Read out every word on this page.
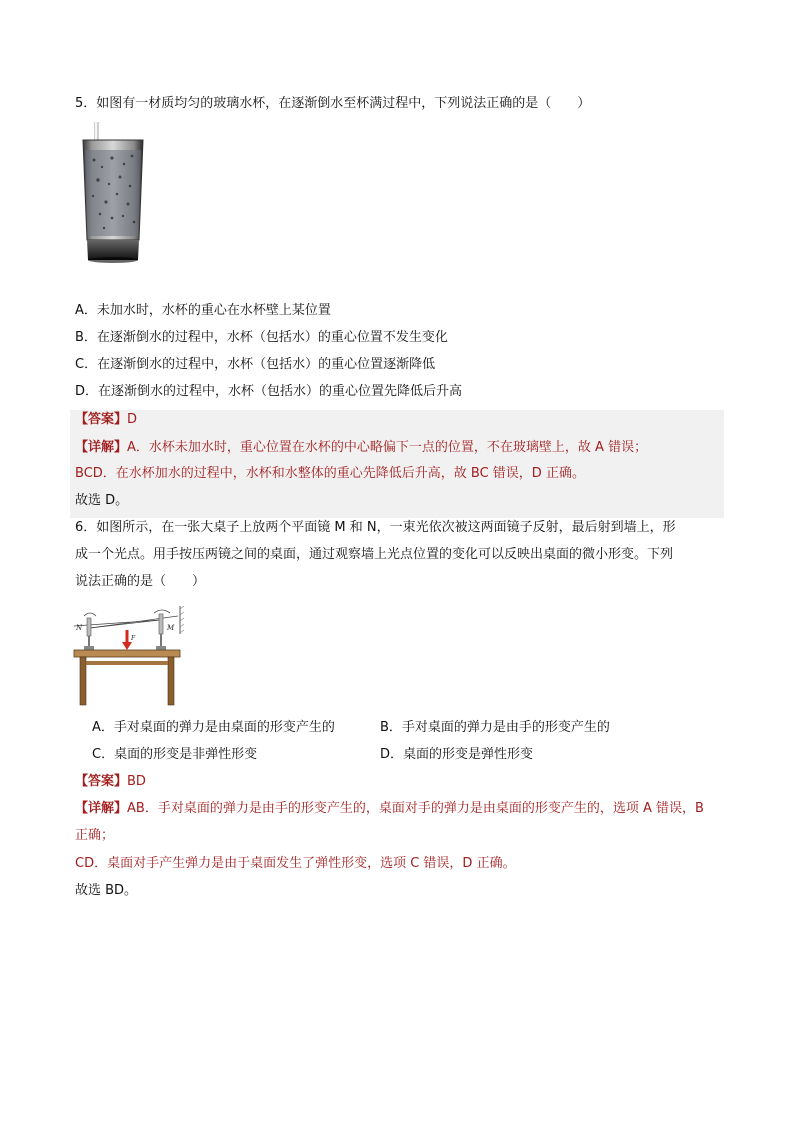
5．如图有一材质均匀的玻璃水杯，在逐渐倒水至杯满过程中，下列说法正确的是（　　）
A．未加水时，水杯的重心在水杯壁上某位置
B．在逐渐倒水的过程中，水杯（包括水）的重心位置不发生变化
C．在逐渐倒水的过程中，水杯（包括水）的重心位置逐渐降低
D．在逐渐倒水的过程中，水杯（包括水）的重心位置先降低后升高
【答案】D
【详解】A．水杯未加水时，重心位置在水杯的中心略偏下一点的位置，不在玻璃壁上，故 A 错误；
BCD．在水杯加水的过程中，水杯和水整体的重心先降低后升高，故 BC 错误，D 正确。
故选 D。
6．如图所示，在一张大桌子上放两个平面镜 M 和 N，一束光依次被这两面镜子反射，最后射到墙上，形
成一个光点。用手按压两镜之间的桌面，通过观察墙上光点位置的变化可以反映出桌面的微小形变。下列
说法正确的是（　　）
N	M
F
A．手对桌面的弹力是由桌面的形变产生的	B．手对桌面的弹力是由手的形变产生的
C．桌面的形变是非弹性形变	D．桌面的形变是弹性形变
【答案】BD
【详解】AB．手对桌面的弹力是由手的形变产生的，桌面对手的弹力是由桌面的形变产生的，选项 A 错误，B
正确；
CD．桌面对手产生弹力是由于桌面发生了弹性形变，选项 C 错误，D 正确。
故选 BD。
